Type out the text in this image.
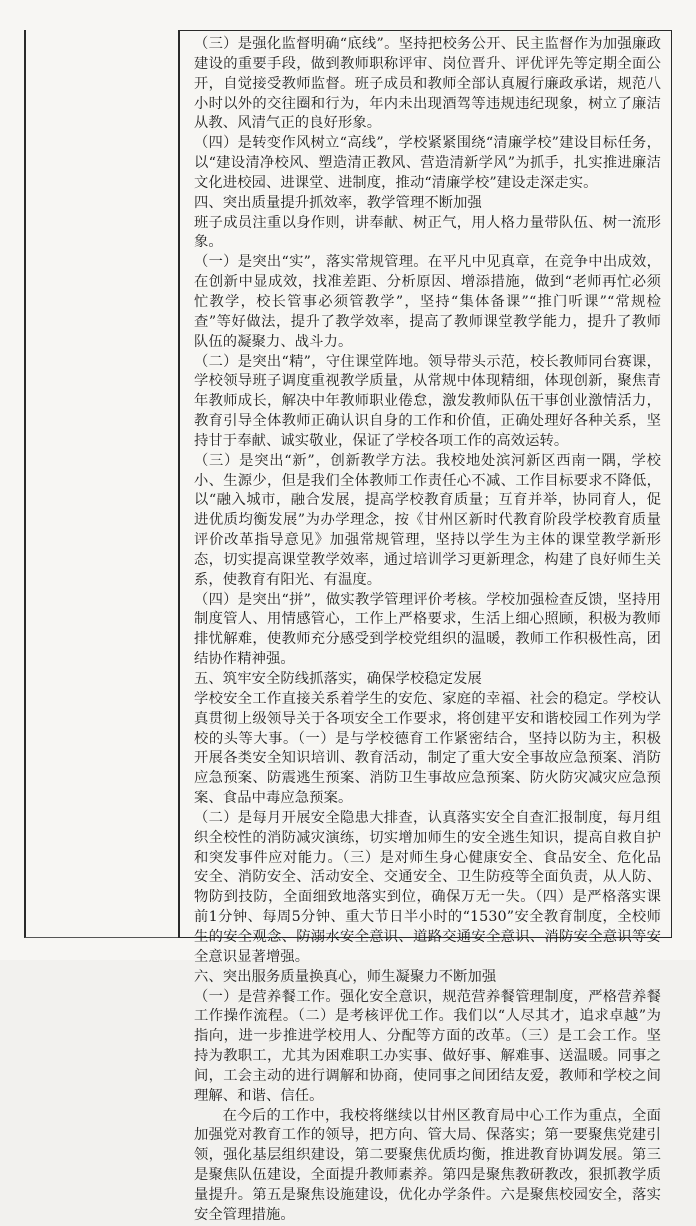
（三）是强化监督明确“底线”。坚持把校务公开、民主监督作为加强廉政建设的重要手段，做到教师职称评审、岗位晋升、评优评先等定期全面公开，自觉接受教师监督。班子成员和教师全部认真履行廉政承诺，规范八小时以外的交往圈和行为，年内未出现酒驾等违规违纪现象，树立了廉洁从教、风清气正的良好形象。

（四）是转变作风树立“高线”，学校紧紧围绕“清廉学校”建设目标任务，以“建设清净校风、塑造清正教风、营造清新学风”为抓手，扎实推进廉洁文化进校园、进课堂、进制度，推动“清廉学校”建设走深走实。

四、突出质量提升抓效率，教学管理不断加强

班子成员注重以身作则，讲奉献、树正气，用人格力量带队伍、树一流形象。

（一）是突出“实”，落实常规管理。在平凡中见真章，在竞争中出成效，在创新中显成效，找准差距、分析原因、增添措施，做到“老师再忙必须忙教学，校长管事必须管教学”，坚持“集体备课”“推门听课”“常规检查”等好做法，提升了教学效率，提高了教师课堂教学能力，提升了教师队伍的凝聚力、战斗力。

（二）是突出“精”，守住课堂阵地。领导带头示范，校长教师同台赛课，学校领导班子调度重视教学质量，从常规中体现精细，体现创新，聚焦青年教师成长，解决中年教师职业倦怠，激发教师队伍干事创业激情活力，教育引导全体教师正确认识自身的工作和价值，正确处理好各种关系，坚持甘于奉献、诚实敬业，保证了学校各项工作的高效运转。

（三）是突出“新”，创新教学方法。我校地处滨河新区西南一隅，学校小、生源少，但是我们全体教师工作责任心不减、工作目标要求不降低，以“融入城市，融合发展，提高学校教育质量；互育并举，协同育人，促进优质均衡发展”为办学理念，按《甘州区新时代教育阶段学校教育质量评价改革指导意见》加强常规管理，坚持以学生为主体的课堂教学新形态，切实提高课堂教学效率，通过培训学习更新理念，构建了良好师生关系，使教育有阳光、有温度。

（四）是突出“拼”，做实教学管理评价考核。学校加强检查反馈，坚持用制度管人、用情感管心，工作上严格要求，生活上细心照顾，积极为教师排忧解难，使教师充分感受到学校党组织的温暖，教师工作积极性高，团结协作精神强。

五、筑牢安全防线抓落实，确保学校稳定发展

学校安全工作直接关系着学生的安危、家庭的幸福、社会的稳定。学校认真贯彻上级领导关于各项安全工作要求，将创建平安和谐校园工作列为学校的头等大事。（一）是与学校德育工作紧密结合，坚持以防为主，积极开展各类安全知识培训、教育活动，制定了重大安全事故应急预案、消防应急预案、防震逃生预案、消防卫生事故应急预案、防火防灾减灾应急预案、食品中毒应急预案。

（二）是每月开展安全隐患大排查，认真落实安全自查汇报制度，每月组织全校性的消防减灾演练，切实增加师生的安全逃生知识，提高自救自护和突发事件应对能力。（三）是对师生身心健康安全、食品安全、危化品安全、消防安全、活动安全、交通安全、卫生防疫等全面负责，从人防、物防到技防，全面细致地落实到位，确保万无一失。（四）是严格落实课前1分钟、每周5分钟、重大节日半小时的“1530”安全教育制度，全校师生的安全观念、防溺水安全意识、道路交通安全意识、消防安全意识等安全意识显著增强。

六、突出服务质量换真心，师生凝聚力不断加强

（一）是营养餐工作。强化安全意识，规范营养餐管理制度，严格营养餐工作操作流程。（二）是考核评优工作。我们以“人尽其才，追求卓越”为指向，进一步推进学校用人、分配等方面的改革。（三）是工会工作。坚持为教职工，尤其为困难职工办实事、做好事、解难事、送温暖。同事之间，工会主动的进行调解和协商，使同事之间团结友爱，教师和学校之间理解、和谐、信任。

在今后的工作中，我校将继续以甘州区教育局中心工作为重点，全面加强党对教育工作的领导，把方向、管大局、保落实；第一要聚焦党建引领，强化基层组织建设，第二要聚焦优质均衡，推进教育协调发展。第三是聚焦队伍建设，全面提升教师素养。第四是聚焦教研教改，狠抓教学质量提升。第五是聚焦设施建设，优化办学条件。六是聚焦校园安全，落实安全管理措施。
